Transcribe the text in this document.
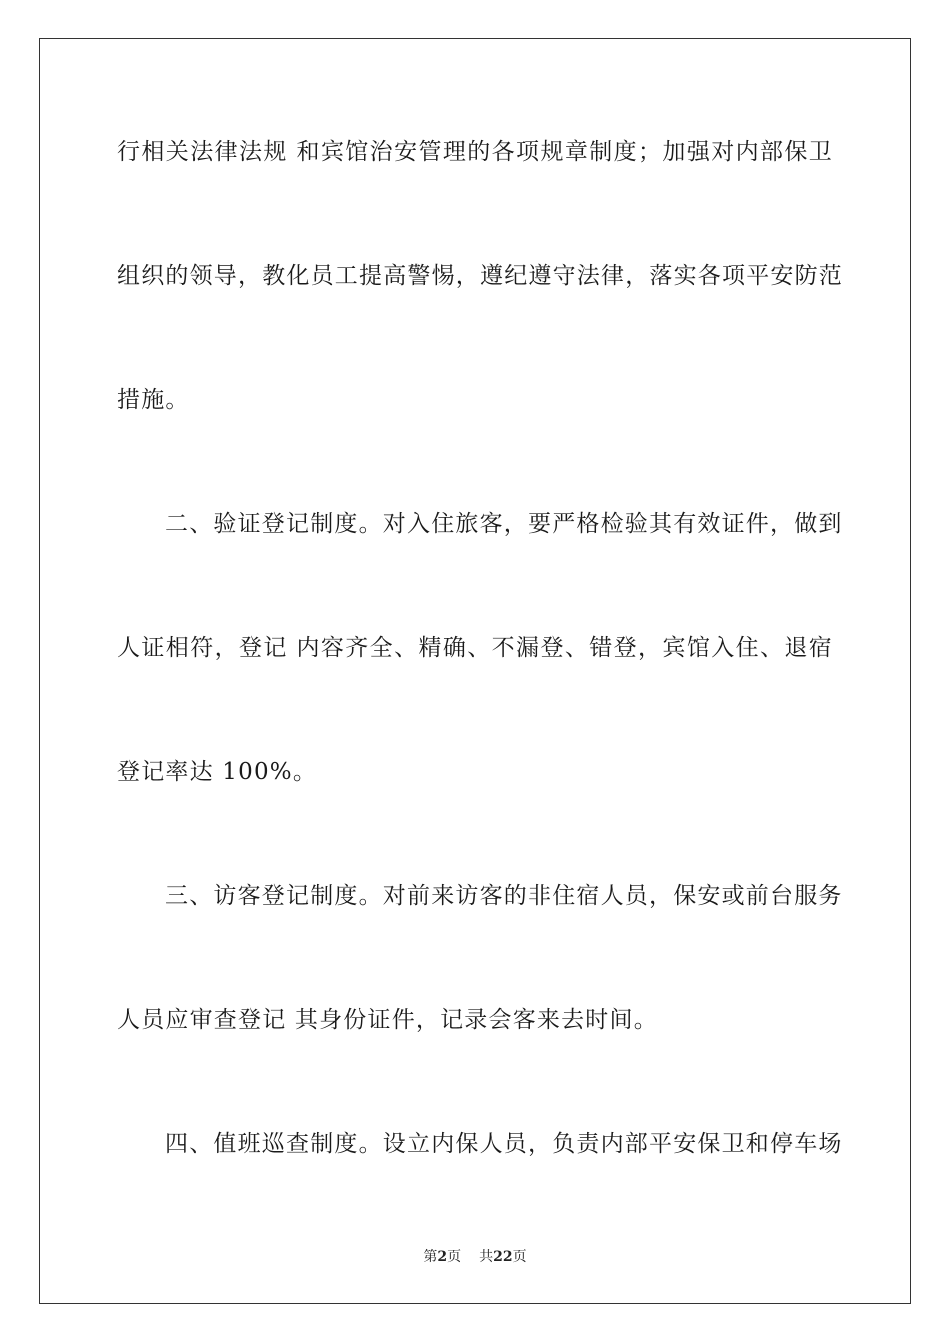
行相关法律法规 和宾馆治安管理的各项规章制度；加强对内部保卫
组织的领导，教化员工提高警惕，遵纪遵守法律，落实各项平安防范
措施。
二、验证登记制度。对入住旅客，要严格检验其有效证件，做到
人证相符，登记 内容齐全、精确、不漏登、错登，宾馆入住、退宿
登记率达 100%。
三、访客登记制度。对前来访客的非住宿人员，保安或前台服务
人员应审查登记 其身份证件，记录会客来去时间。
四、值班巡查制度。设立内保人员，负责内部平安保卫和停车场
第2页 共22页
